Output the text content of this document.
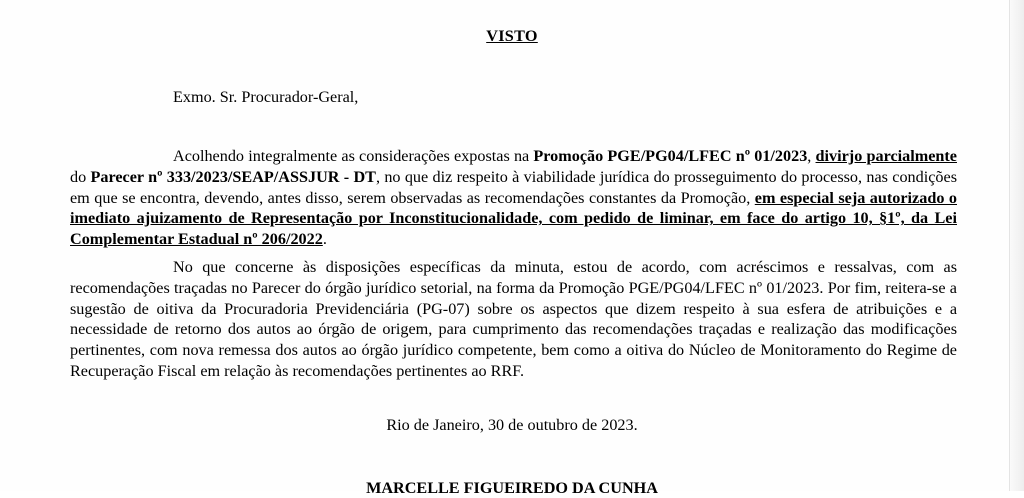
VISTO
Exmo. Sr. Procurador-Geral,

Acolhendo integralmente as considerações expostas na Promoção PGE/PG04/LFEC nº 01/2023, divirjo parcialmente do Parecer nº 333/2023/SEAP/ASSJUR - DT, no que diz respeito à viabilidade jurídica do prosseguimento do processo, nas condições em que se encontra, devendo, antes disso, serem observadas as recomendações constantes da Promoção, em especial seja autorizado o imediato ajuizamento de Representação por Inconstitucionalidade, com pedido de liminar, em face do artigo 10, §1º, da Lei Complementar Estadual nº 206/2022.

No que concerne às disposições específicas da minuta, estou de acordo, com acréscimos e ressalvas, com as recomendações traçadas no Parecer do órgão jurídico setorial, na forma da Promoção PGE/PG04/LFEC nº 01/2023. Por fim, reitera-se a sugestão de oitiva da Procuradoria Previdenciária (PG-07) sobre os aspectos que dizem respeito à sua esfera de atribuições e a necessidade de retorno dos autos ao órgão de origem, para cumprimento das recomendações traçadas e realização das modificações pertinentes, com nova remessa dos autos ao órgão jurídico competente, bem como a oitiva do Núcleo de Monitoramento do Regime de Recuperação Fiscal em relação às recomendações pertinentes ao RRF.

Rio de Janeiro, 30 de outubro de 2023.
MARCELLE FIGUEIREDO DA CUNHA
